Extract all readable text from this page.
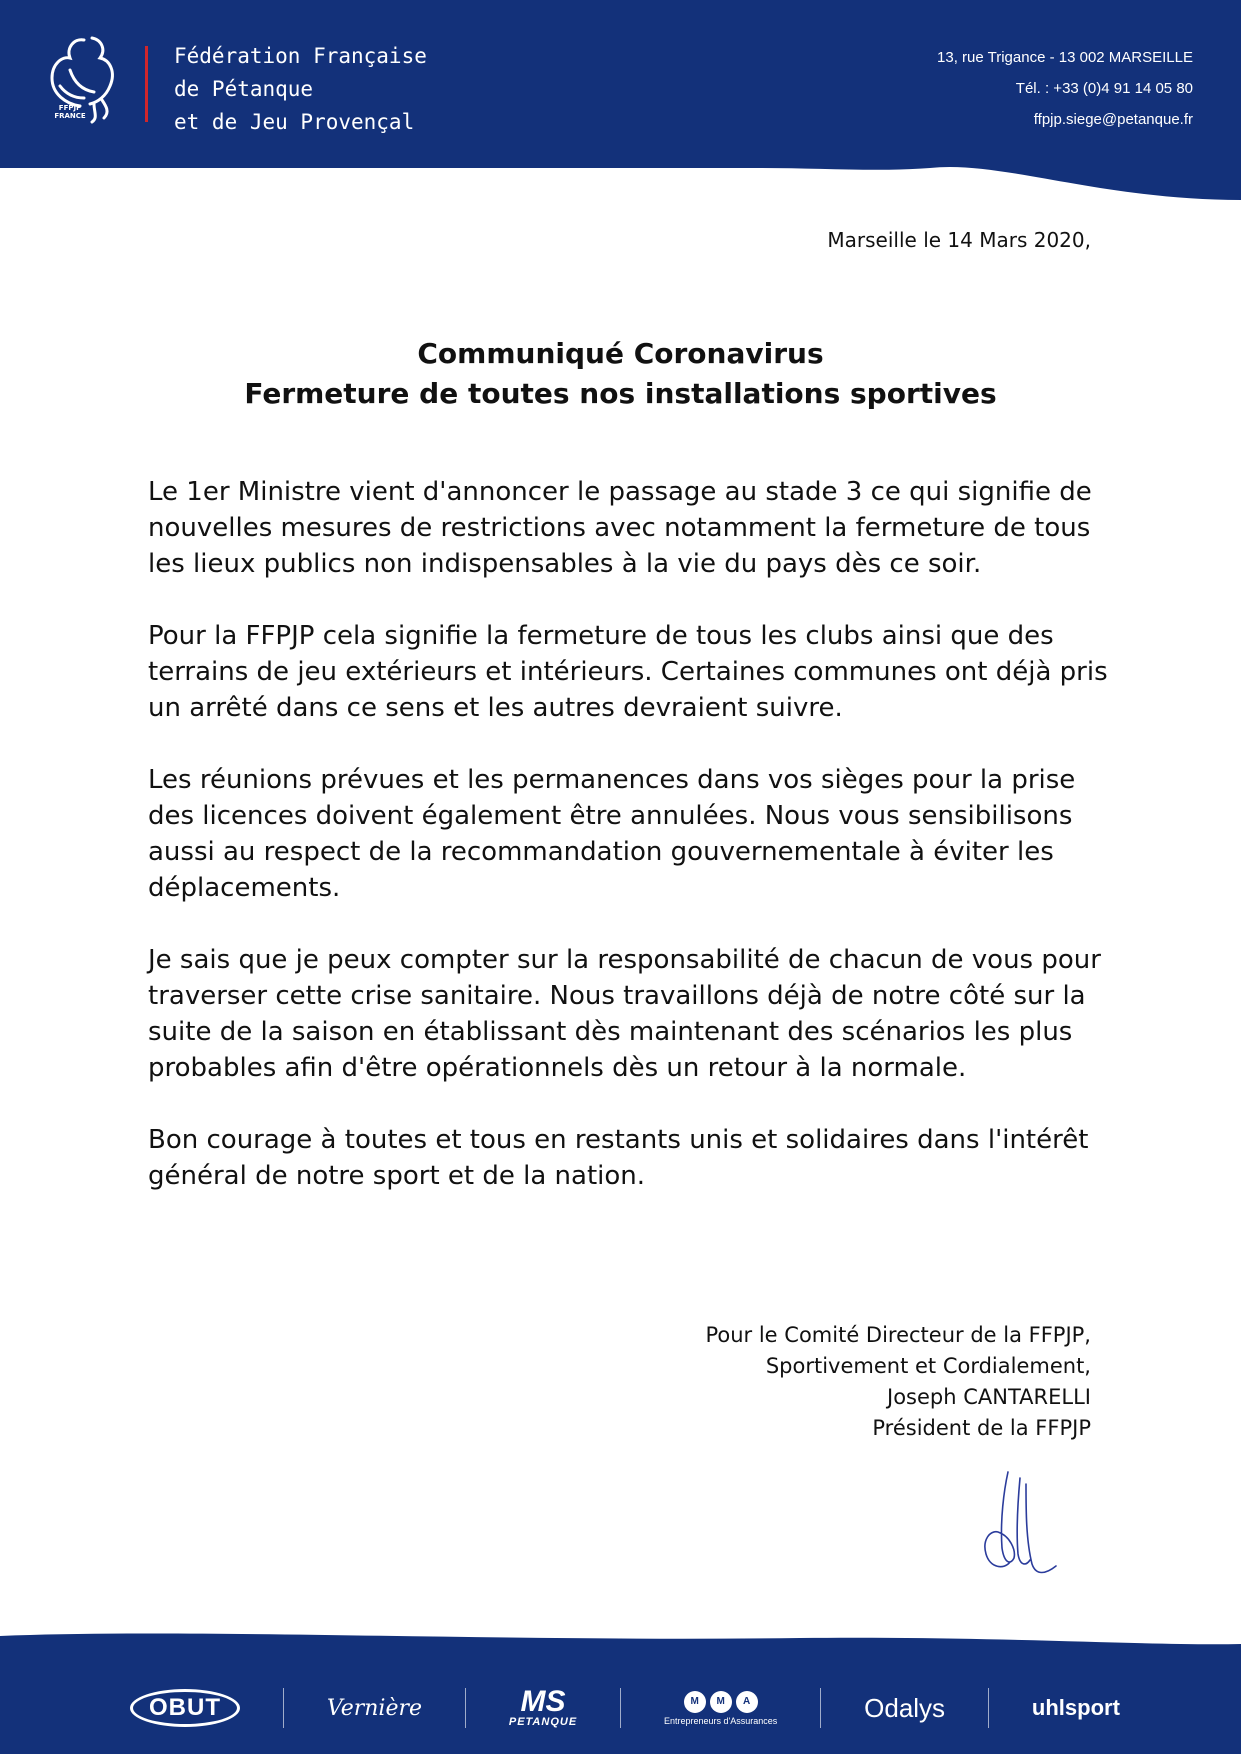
FFPJP
FRANCE
Fédération Française
de Pétanque
et de Jeu Provençal
13, rue Trigance - 13 002 MARSEILLE
Tél. : +33 (0)4 91 14 05 80
ffpjp.siege@petanque.fr
Marseille le 14 Mars 2020,
Communiqué Coronavirus
Fermeture de toutes nos installations sportives

Le 1er Ministre vient d'annoncer le passage au stade 3 ce qui signifie de nouvelles mesures de restrictions avec notamment la fermeture de tous les lieux publics non indispensables à la vie du pays dès ce soir.

Pour la FFPJP cela signifie la fermeture de tous les clubs ainsi que des terrains de jeu extérieurs et intérieurs. Certaines communes ont déjà pris un arrêté dans ce sens et les autres devraient suivre.

Les réunions prévues et les permanences dans vos sièges pour la prise des licences doivent également être annulées. Nous vous sensibilisons aussi au respect de la recommandation gouvernementale à éviter les déplacements.

Je sais que je peux compter sur la responsabilité de chacun de vous pour traverser cette crise sanitaire. Nous travaillons déjà de notre côté sur la suite de la saison en établissant dès maintenant des scénarios les plus probables afin d'être opérationnels dès un retour à la normale.

Bon courage à toutes et tous en restants unis et solidaires dans l'intérêt général de notre sport et de la nation.

Pour le Comité Directeur de la FFPJP,
Sportivement et Cordialement,
Joseph CANTARELLI
Président de la FFPJP
OBUT	Vernière	MS
PETANQUE
M	M	A
Entrepreneurs d'Assurances	Odalys	uhlsport
